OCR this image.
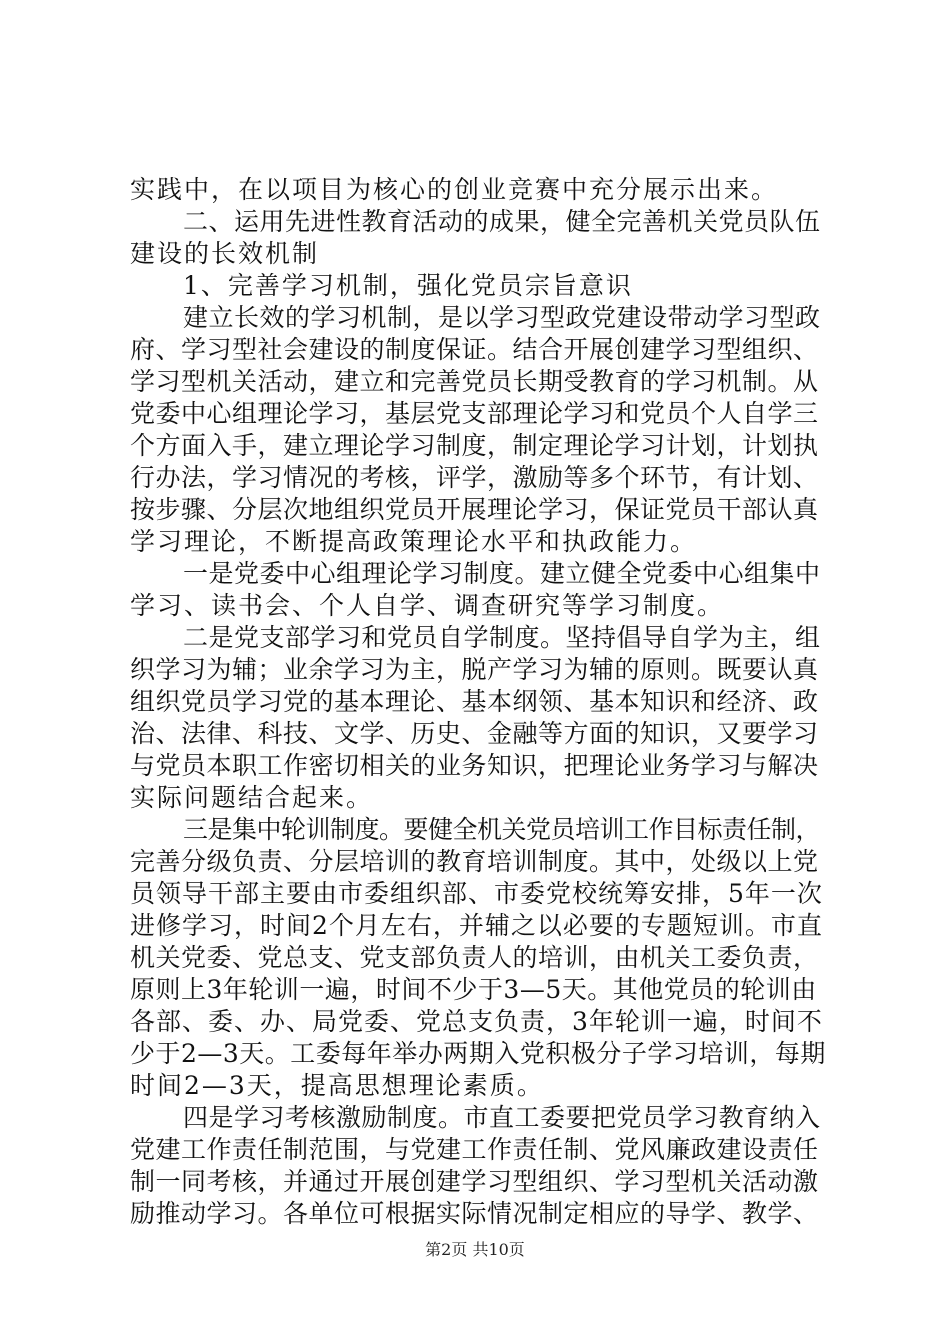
实践中，在以项目为核心的创业竞赛中充分展示出来。
二、运用先进性教育活动的成果，健全完善机关党员队伍
建设的长效机制
1、完善学习机制，强化党员宗旨意识
建立长效的学习机制，是以学习型政党建设带动学习型政
府、学习型社会建设的制度保证。结合开展创建学习型组织、
学习型机关活动，建立和完善党员长期受教育的学习机制。从
党委中心组理论学习，基层党支部理论学习和党员个人自学三
个方面入手，建立理论学习制度，制定理论学习计划，计划执
行办法，学习情况的考核，评学，激励等多个环节，有计划、
按步骤、分层次地组织党员开展理论学习，保证党员干部认真
学习理论，不断提高政策理论水平和执政能力。
一是党委中心组理论学习制度。建立健全党委中心组集中
学习、读书会、个人自学、调查研究等学习制度。
二是党支部学习和党员自学制度。坚持倡导自学为主，组
织学习为辅；业余学习为主，脱产学习为辅的原则。既要认真
组织党员学习党的基本理论、基本纲领、基本知识和经济、政
治、法律、科技、文学、历史、金融等方面的知识，又要学习
与党员本职工作密切相关的业务知识，把理论业务学习与解决
实际问题结合起来。
三是集中轮训制度。要健全机关党员培训工作目标责任制，
完善分级负责、分层培训的教育培训制度。其中，处级以上党
员领导干部主要由市委组织部、市委党校统筹安排，5年一次
进修学习，时间2个月左右，并辅之以必要的专题短训。市直
机关党委、党总支、党支部负责人的培训，由机关工委负责，
原则上3年轮训一遍，时间不少于3—5天。其他党员的轮训由
各部、委、办、局党委、党总支负责，3年轮训一遍，时间不
少于2—3天。工委每年举办两期入党积极分子学习培训，每期
时间2—3天，提高思想理论素质。
四是学习考核激励制度。市直工委要把党员学习教育纳入
党建工作责任制范围，与党建工作责任制、党风廉政建设责任
制一同考核，并通过开展创建学习型组织、学习型机关活动激
励推动学习。各单位可根据实际情况制定相应的导学、教学、
第2页 共10页
